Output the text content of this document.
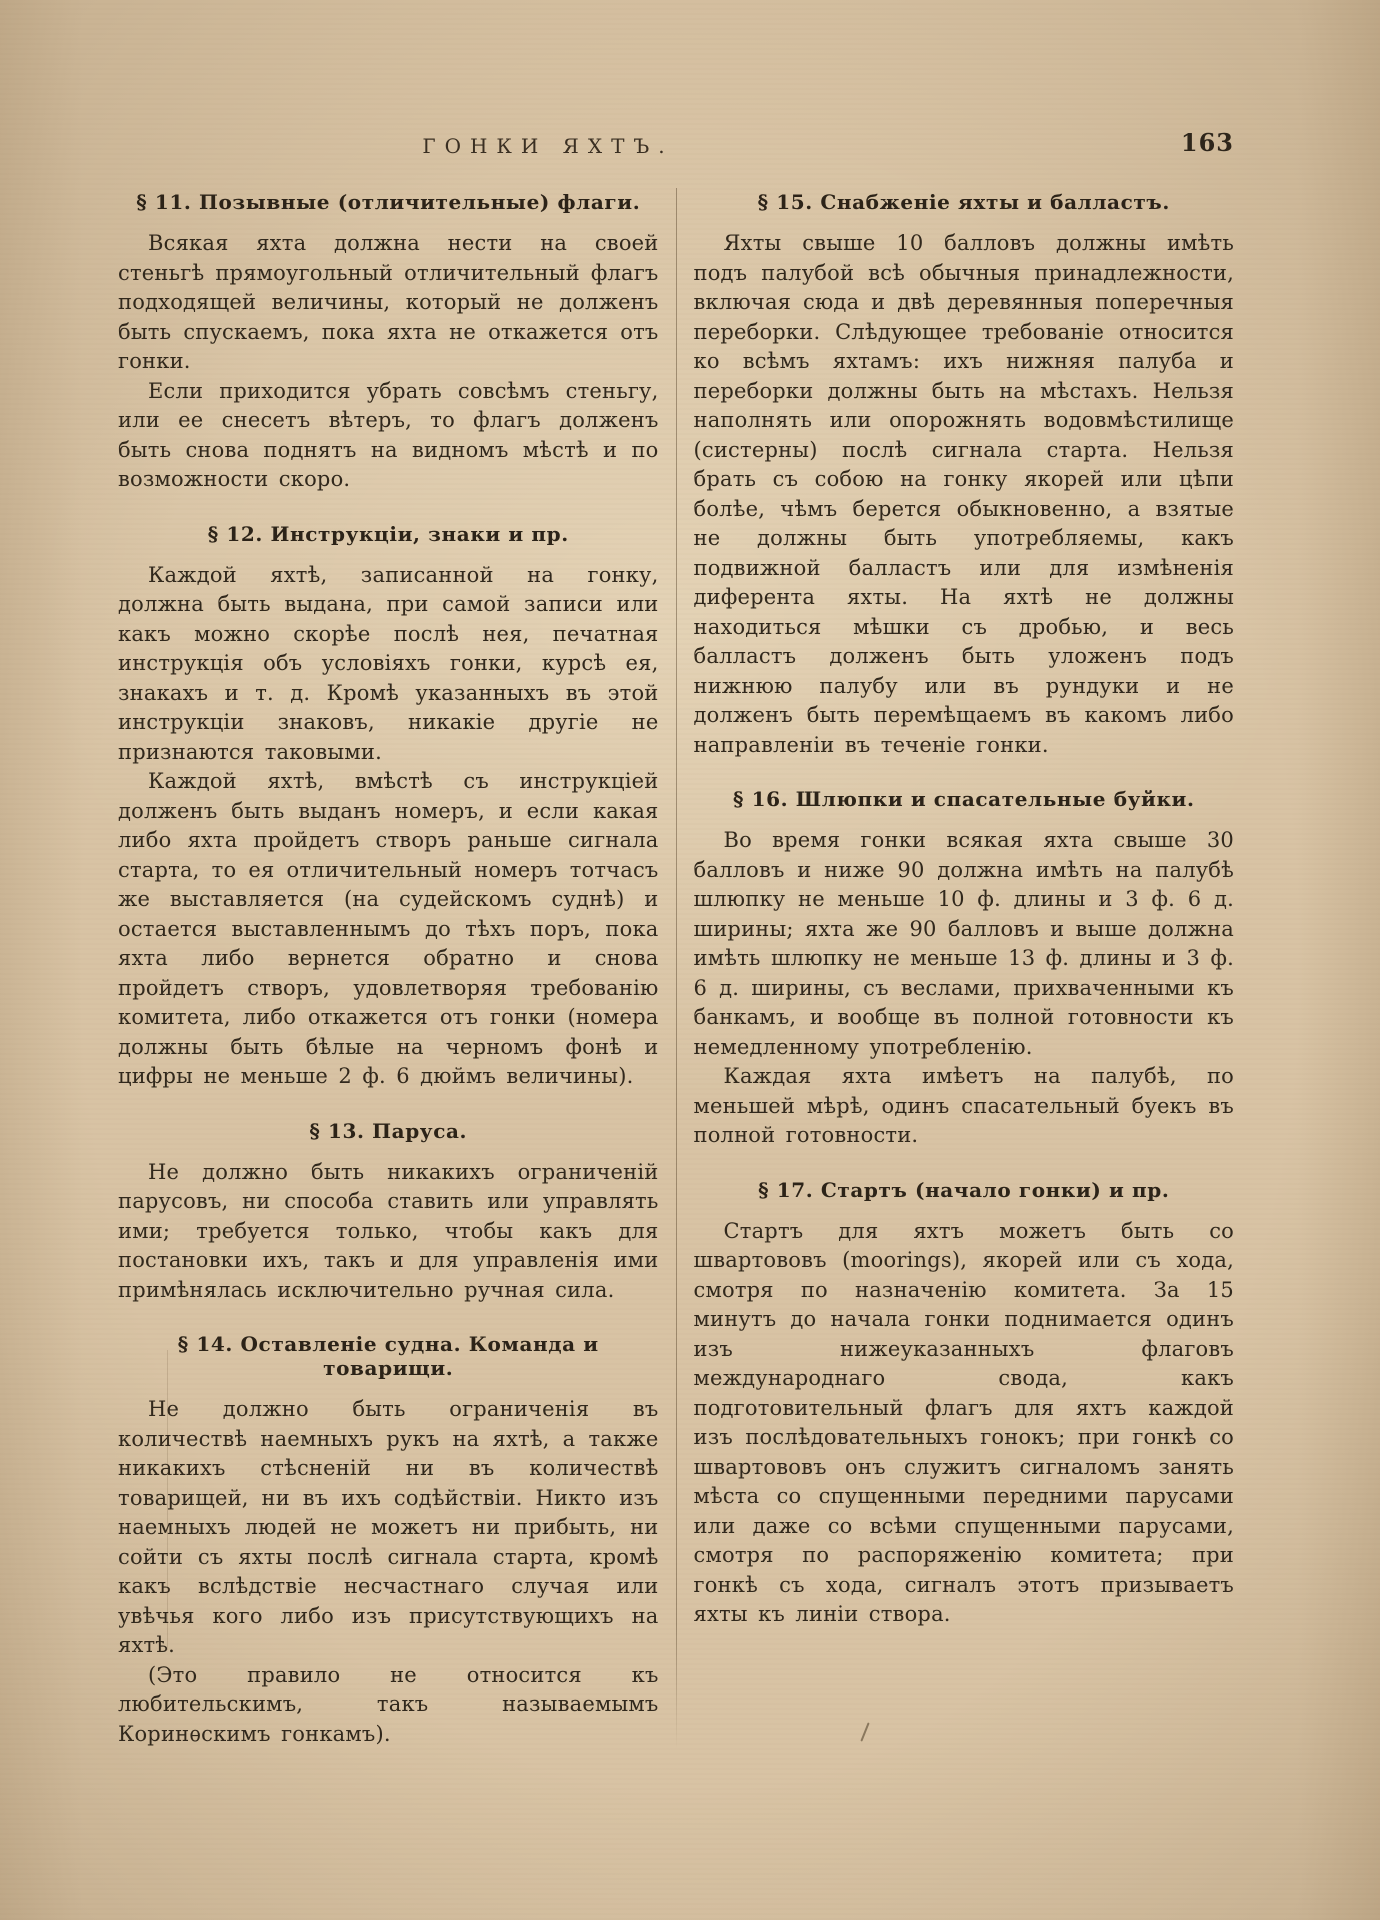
ГОНКИ ЯХТЪ.	163
§ 11. Позывные (отличительные) флаги.

Всякая яхта должна нести на своей стеньгѣ прямоугольный отличительный флагъ подходящей величины, который не долженъ быть спускаемъ, пока яхта не откажется отъ гонки.

Если приходится убрать совсѣмъ стеньгу, или ее снесетъ вѣтеръ, то флагъ долженъ быть снова поднятъ на видномъ мѣстѣ и по возможности скоро.

§ 12. Инструкціи, знаки и пр.

Каждой яхтѣ, записанной на гонку, должна быть выдана, при самой записи или какъ можно скорѣе послѣ нея, печатная инструкція объ условіяхъ гонки, курсѣ ея, знакахъ и т. д. Кромѣ указанныхъ въ этой инструкціи знаковъ, никакіе другіе не признаются таковыми.

Каждой яхтѣ, вмѣстѣ съ инструкціей долженъ быть выданъ номеръ, и если какая либо яхта пройдетъ створъ раньше сигнала старта, то ея отличительный номеръ тотчасъ же выставляется (на судейскомъ суднѣ) и остается выставленнымъ до тѣхъ поръ, пока яхта либо вернется обратно и снова пройдетъ створъ, удовлетворяя требованію комитета, либо откажется отъ гонки (номера должны быть бѣлые на черномъ фонѣ и цифры не меньше 2 ф. 6 дюймъ величины).

§ 13. Паруса.

Не должно быть никакихъ ограниченій парусовъ, ни способа ставить или управлять ими; требуется только, чтобы какъ для постановки ихъ, такъ и для управленія ими примѣнялась исключительно ручная сила.

§ 14. Оставленіе судна. Команда и товарищи.

Не должно быть ограниченія въ количествѣ наемныхъ рукъ на яхтѣ, а также никакихъ стѣсненій ни въ количествѣ товарищей, ни въ ихъ содѣйствіи. Никто изъ наемныхъ людей не можетъ ни прибыть, ни сойти съ яхты послѣ сигнала старта, кромѣ какъ вслѣдствіе несчастнаго случая или увѣчья кого либо изъ присутствующихъ на яхтѣ.

(Это правило не относится къ любительскимъ, такъ называемымъ Коринѳскимъ гонкамъ).

§ 15. Снабженіе яхты и балластъ.

Яхты свыше 10 балловъ должны имѣть подъ палубой всѣ обычныя принадлежности, включая сюда и двѣ деревянныя поперечныя переборки. Слѣдующее требованіе относится ко всѣмъ яхтамъ: ихъ нижняя палуба и переборки должны быть на мѣстахъ. Нельзя наполнять или опорожнять водовмѣстилище (систерны) послѣ сигнала старта. Нельзя брать съ собою на гонку якорей или цѣпи болѣе, чѣмъ берется обыкновенно, а взятые не должны быть употребляемы, какъ подвижной балластъ или для измѣненія диферента яхты. На яхтѣ не должны находиться мѣшки съ дробью, и весь балластъ долженъ быть уложенъ подъ нижнюю палубу или въ рундуки и не долженъ быть перемѣщаемъ въ какомъ либо направленіи въ теченіе гонки.

§ 16. Шлюпки и спасательные буйки.

Во время гонки всякая яхта свыше 30 балловъ и ниже 90 должна имѣть на палубѣ шлюпку не меньше 10 ф. длины и 3 ф. 6 д. ширины; яхта же 90 балловъ и выше должна имѣть шлюпку не меньше 13 ф. длины и 3 ф. 6 д. ширины, съ веслами, прихваченными къ банкамъ, и вообще въ полной готовности къ немедленному употребленію.

Каждая яхта имѣетъ на палубѣ, по меньшей мѣрѣ, одинъ спасательный буекъ въ полной готовности.

§ 17. Стартъ (начало гонки) и пр.

Стартъ для яхтъ можетъ быть со швартововъ (moorings), якорей или съ хода, смотря по назначенію комитета. За 15 минутъ до начала гонки поднимается одинъ изъ нижеуказанныхъ флаговъ международнаго свода, какъ подготовительный флагъ для яхтъ каждой изъ послѣдовательныхъ гонокъ; при гонкѣ со швартововъ онъ служитъ сигналомъ занять мѣста со спущенными передними парусами или даже со всѣми спущенными парусами, смотря по распоряженію комитета; при гонкѣ съ хода, сигналъ этотъ призываетъ яхты къ линіи створа.
